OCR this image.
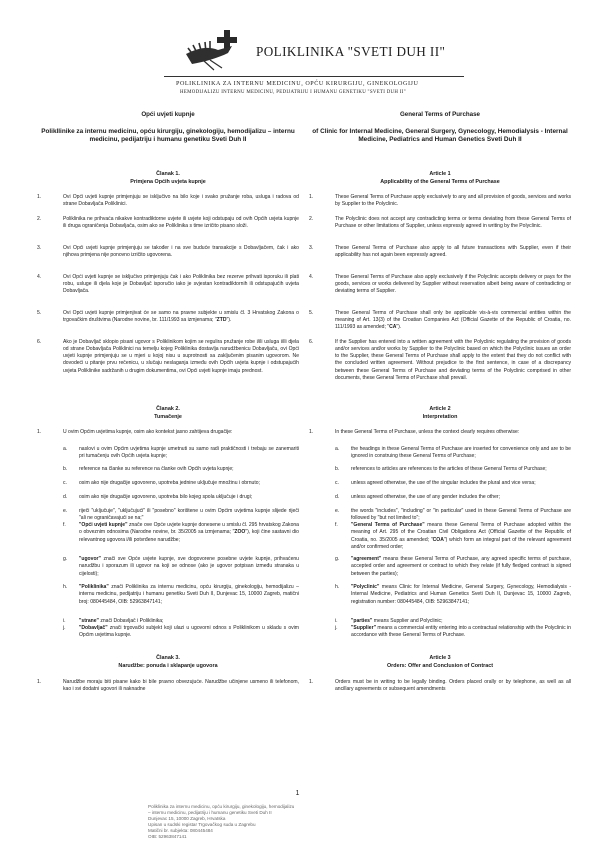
POLIKLINIKA "SVETI DUH II"
POLIKLINIKA ZA INTERNU MEDICINU, OPĆU KIRURGIJU, GINEKOLOGIJU
HEMODIJALIZU INTERNU MEDICINU, PEDIJATRIJU I HUMANU GENETIKU "SVETI DUH II"

Opći uvjeti kupnje

Polikllinike za internu medicinu, opću kirurgiju, ginekologiju, hemodijalizu – internu medicinu, pedijatriju i humanu genetiku Sveti Duh II

Članak 1.

Primjena Općih uvjeta kupnje

1.	Ovi Opći uvjeti kupnje primjenjuju se isključivo na bilo koje i svako pružanje roba, usluga i radova od strane Dobavljača Poliklinici.
2.	Poliklinika ne prihvaća nikakve kontradiktorne uvjete ili uvjete koji odstupaju od ovih Općih uvjeta kupnje ili druga ograničenja Dobavljača, osim ako se Poliklinika s time izričito pisano složi.
3.	Ovi Opći uvjeti kupnje primjenjuju se također i na sve buduće transakcije s Dobavljačem, čak i ako njihova primjena nije ponovno izričito ugovorena.
4.	Ovi Opći uvjeti kupnje se isključivo primjenjuju čak i ako Poliklinika bez rezerve prihvati isporuku ili plati robu, usluge ili djela koje je Dobavljač isporučio iako je svjestan kontradiktornih ili odstupajućih uvjeta Dobavljača.
5.	Ovi Opći uvjeti kupnje primjenjivat će se samo na pravne subjekte u smislu čl. 3 Hrvatskog Zakona o trgovačkim društvima (Narodne novine, br. 111/1993 sa izmjenama; "ZTD").
6.	Ako je Dobavljač sklopio pisani ugovor s Poliklinikom kojim se regulira pružanje robe i/ili usluga i/ili djela od strane Dobavljača Poliklinici na temelju kojeg Poliklinika dostavlja narudžbenicu Dobavljaču, ovi Opći uvjeti kupnje primjenjuju se u mjeri u kojoj nisu u suprotnosti sa zaključenim pisanim ugovorom. Ne dovodeći u pitanje prvu rečenicu, u slučaju neslaganja između ovih Općih uvjeta kupnje i odstupajućih uvjeta Poliklinike sadržanih u drugim dokumentima, ovi Opći uvjeti kupnje imaju prednost.

Članak 2.

Tumačenje

1.	U ovim Općim uvjetima kupnje, osim ako kontekst jasno zahtijeva drugačije:
a. naslovi u ovim Općim uvjetima kupnje umetnuti su samo radi praktičnosti i trebaju se zanemariti pri tumačenju ovih Općih uvjeta kupnje;
b. reference na članke su reference na članke ovih Općih uvjeta kupnje;
c. osim ako nije drugačije ugovoreno, upotreba jednine uključuje množinu i obrnuto;
d. osim ako nije drugačije ugovoreno, upotreba bilo kojeg spola uključuje i drugi;
e. riječi "uključuje", "uključujući" ili "posebno" korištene u ovim Općim uvjetima kupnje slijede riječi "ali ne ograničavajući se na;"
f.	"Opći uvjeti kupnje" znače ove Opće uvjete kupnje donesene u smislu čl. 295 hrvatskog Zakona o obveznim odnosima (Narodne novine, br. 35/2005 sa izmjenama; "ZOO"), koji čine sastavni dio relevantnog ugovora i/ili potvrđene narudžbe;
g. "ugovor" znači sve Opće uvjete kupnje, sve dogovorene posebne uvjete kupnje, prihvaćenu narudžbu i sporazum ili ugovor na koji se odnose (ako je ugovor potpisan između stranaka u cijelosti);
h. "Poliklinika" znači Poliklinika za internu medicinu, opću kirurgiju, ginekologiju, hemodijalizu – internu medicinu, pedijatriju i humanu genetiku Sveti Duh II, Dunjevac 15, 10000 Zagreb, matični broj: 080445484, OIB: 52963847141;
i.	"strane" znači Dobavljač i Poliklinika;
j.	"Dobavljač" znači trgovački subjekt koji ulazi u ugovorni odnos s Poliklinikom u skladu s ovim Općim uvjetima kupnje.

Članak 3.

Narudžbe: ponuda i sklapanje ugovora

1.	Narudžbe moraju biti pisane kako bi bile pravno obvezujuće. Narudžbe učinjene usmeno ili telefonom, kao i svi dodatni ugovori ili naknadne

General Terms of Purchase

of Clinic for Internal Medicine, General Surgery, Gynecology, Hemodialysis - Internal Medicine, Pediatrics and Human Genetics Sveti Duh II

Article 1

Applicability of the General Terms of Purchase

1.	These General Terms of Purchase apply exclusively to any and all provision of goods, services and works by Supplier to the Polyclinic.
2.	The Polyclinic does not accept any contradicting terms or terms deviating from these General Terms of Purchase or other limitations of Supplier, unless expressly agreed in writing by the Polyclinic.
3.	These General Terms of Purchase also apply to all future transactions with Supplier, even if their applicability has not again been expressly agreed.
4.	These General Terms of Purchase also apply exclusively if the Polyclinic accepts delivery or pays for the goods, services or works delivered by Supplier without reservation albeit being aware of contradicting or deviating terms of Supplier.
5.	These General Terms of Purchase shall only be applicable vis-à-vis commercial entities within the meaning of Art. 13(3) of the Croatian Companies Act (Official Gazette of the Republic of Croatia, no. 111/1993 as amended; "CA").
6.	If the Supplier has entered into a written agreement with the Polyclinic regulating the provision of goods and/or services and/or works by Supplier to the Polyclinic based on which the Polyclinic issues an order to the Supplier, these General Terms of Purchase shall apply to the extent that they do not conflict with the concluded written agreement. Without prejudice to the first sentence, in case of a discrepancy between these General Terms of Purchase and deviating terms of the Polyclinic comprised in other documents, these General Terms of Purchase shall prevail.

Article 2

Interpretation

1.	In these General Terms of Purchase, unless the context clearly requires otherwise:
a. the headings in these General Terms of Purchase are inserted for convenience only and are to be ignored in construing these General Terms of Purchase;
b. references to articles are references to the articles of these General Terms of Purchase;
c. unless agreed otherwise, the use of the singular includes the plural and vice versa;
d. unless agreed otherwise, the use of any gender includes the other;
e. the words "includes", "including" or "in particular" used in these General Terms of Purchase are followed by "but not limited to";
f.	"General Terms of Purchase" means these General Terms of Purchase adopted within the meaning of Art. 295 of the Croatian Civil Obligations Act (Official Gazette of the Republic of Croatia, no. 35/2005 as amended; "COA") which form an integral part of the relevant agreement and/or confirmed order;
g. "agreement" means these General Terms of Purchase, any agreed specific terms of purchase, accepted order and agreement or contract to which they relate (if fully fledged contract is signed between the parties);
h. "Polyclinic" means Clinic for Internal Medicine, General Surgery, Gynecology, Hemodialysis - Internal Medicine, Pediatrics and Human Genetics Sveti Duh II, Dunjevac 15, 10000 Zagreb, registration number: 080445484, OIB: 52963847141;
i.	"parties" means Supplier and Polyclinic;
j.	"Supplier" means a commercial entity entering into a contractual relationship with the Polyclinic in accordance with these General Terms of Purchase.

Article 3

Orders: Offer and Conclusion of Contract

1.	Orders must be in writing to be legally binding. Orders placed orally or by telephone, as well as all ancillary agreements or subsequent amendments
1
Poliklinika za internu medicinu, opću kirurgiju, ginekologiju, hemodijalizu
– internu medicinu, pedijatriju i humanu genetiku Sveti Duh II
Dunjevac 15, 10000 Zagreb, Hrvatska
Upisan u sudski registar Trgovačkog suda u Zagrebu
Matični br. subjekta: 080445484
OIB: 52963847141
